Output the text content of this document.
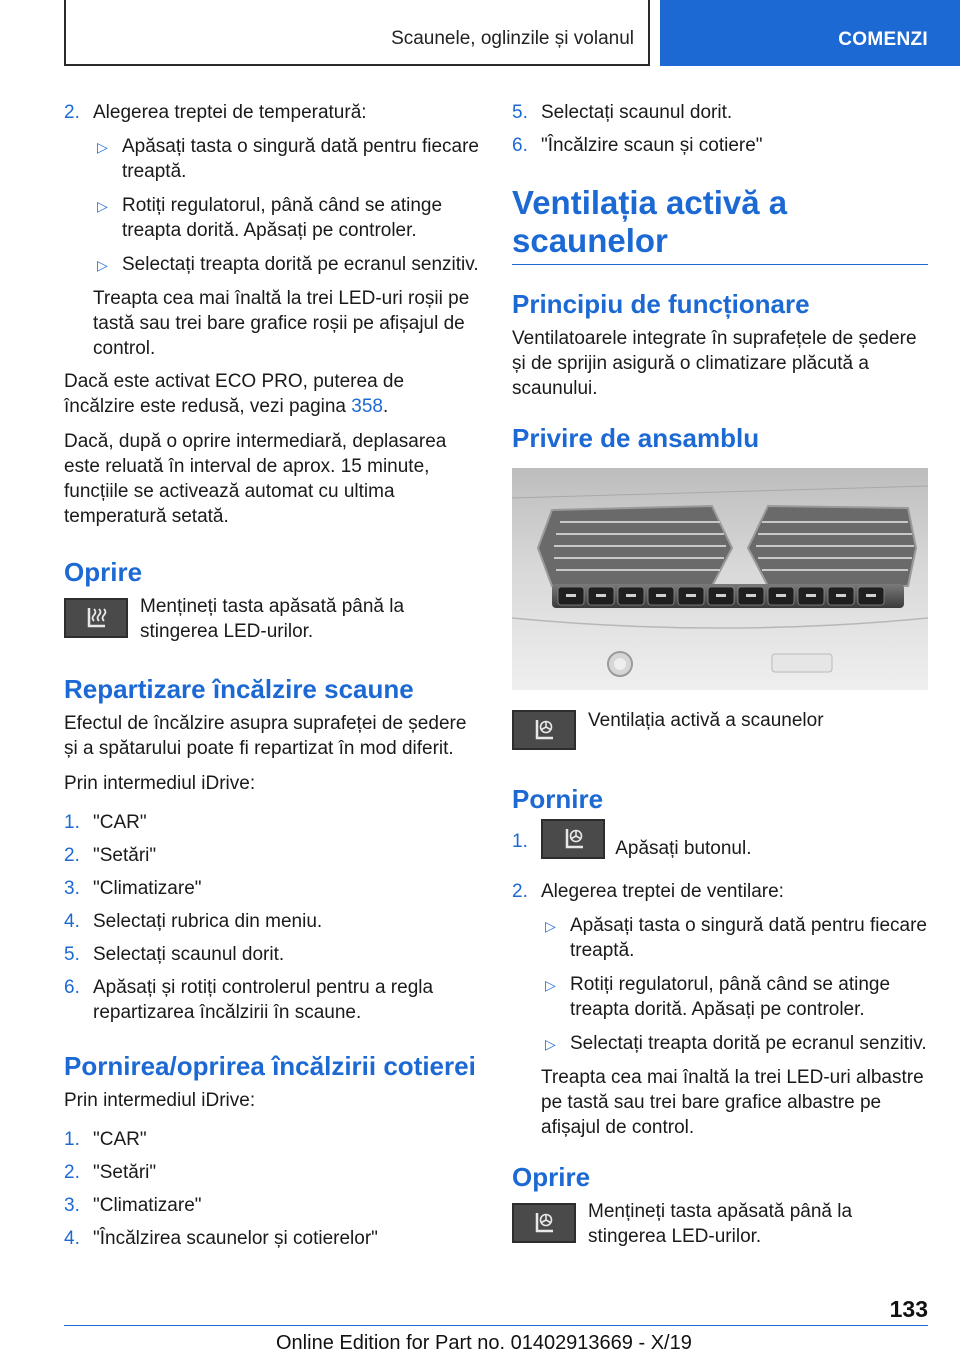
Scaunele, oglinzile și volanul	COMENZI
2. Alegerea treptei de temperatură:
▷ Apăsați tasta o singură dată pentru fiecare treaptă.
▷ Rotiți regulatorul, până când se atinge treapta dorită. Apăsați pe controler.
▷ Selectați treapta dorită pe ecranul senzitiv.
Treapta cea mai înaltă la trei LED-uri roșii pe tastă sau trei bare grafice roșii pe afișajul de control.

Dacă este activat ECO PRO, puterea de încălzire este redusă, vezi pagina 358.

Dacă, după o oprire intermediară, deplasarea este reluată în interval de aprox. 15 minute, funcțiile se activează automat cu ultima temperatură setată.

Oprire
Mențineți tasta apăsată până la stingerea LED-urilor.
Repartizare încălzire scaune

Efectul de încălzire asupra suprafeței de ședere și a spătarului poate fi repartizat în mod diferit.

Prin intermediul iDrive:

1. "CAR"
2. "Setări"
3. "Climatizare"
4. Selectați rubrica din meniu.
5. Selectați scaunul dorit.
6. Apăsați și rotiți controlerul pentru a regla repartizarea încălzirii în scaune.
Pornirea/oprirea încălzirii cotierei

Prin intermediul iDrive:

1. "CAR"
2. "Setări"
3. "Climatizare"
4. "Încălzirea scaunelor și cotierelor"
5. Selectați scaunul dorit.
6. "Încălzire scaun și cotiere"
Ventilația activă a scaunelor
Principiu de funcționare

Ventilatoarele integrate în suprafețele de ședere și de sprijin asigură o climatizare plăcută a scaunului.

Privire de ansamblu
Ventilația activă a scaunelor
Pornire
1.	Apăsați butonul.
2. Alegerea treptei de ventilare:
▷ Apăsați tasta o singură dată pentru fiecare treaptă.
▷ Rotiți regulatorul, până când se atinge treapta dorită. Apăsați pe controler.
▷ Selectați treapta dorită pe ecranul senzitiv.
Treapta cea mai înaltă la trei LED-uri albastre pe tastă sau trei bare grafice albastre pe afișajul de control.
Oprire
Mențineți tasta apăsată până la stingerea LED-urilor.
133
Online Edition for Part no. 01402913669 - X/19
